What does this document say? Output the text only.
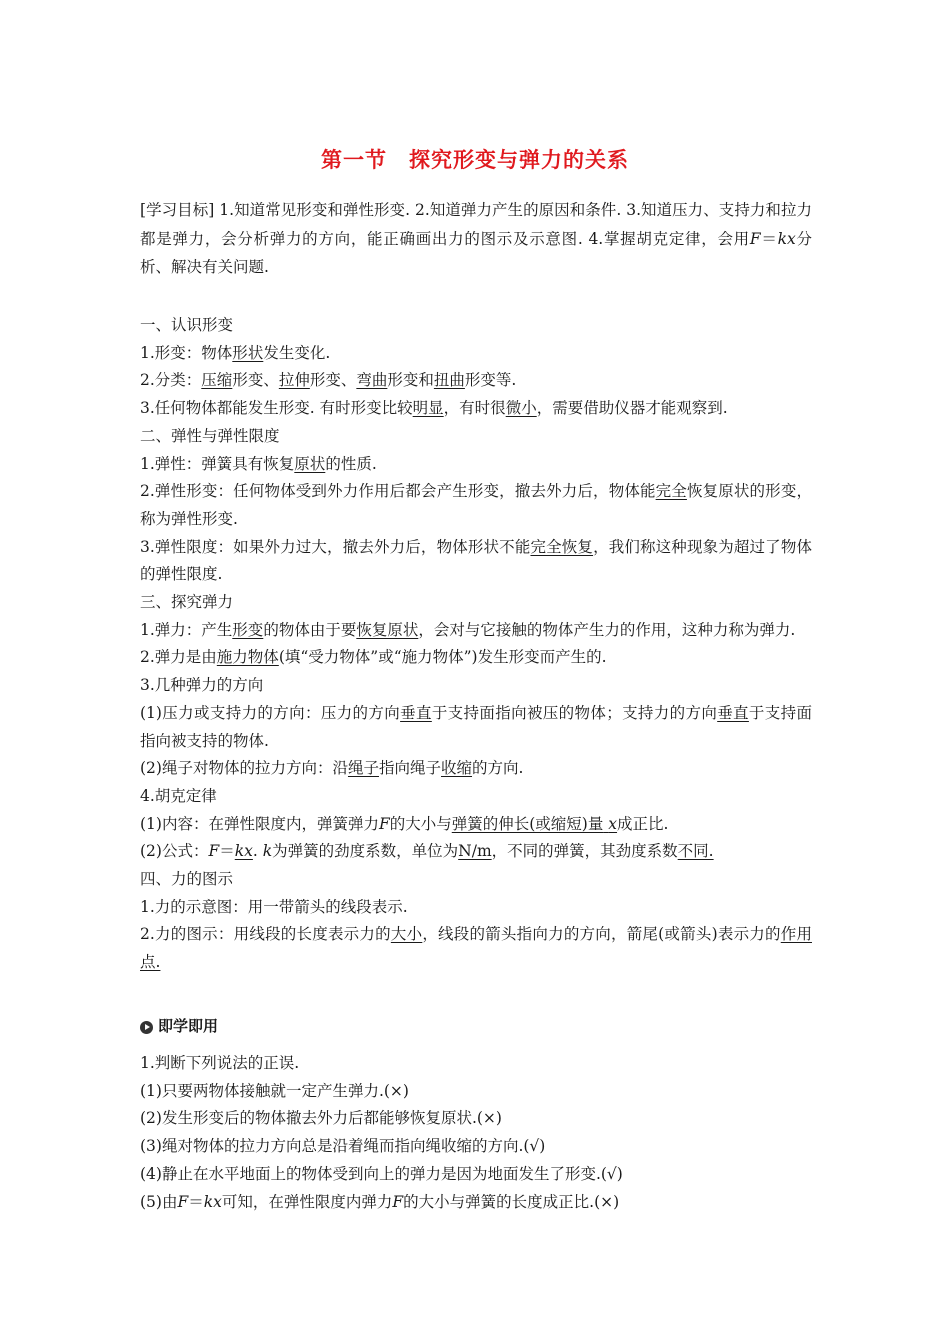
第一节　探究形变与弹力的关系
[学习目标] 1.知道常见形变和弹性形变. 2.知道弹力产生的原因和条件. 3.知道压力、支持力和拉力都是弹力，会分析弹力的方向，能正确画出力的图示及示意图. 4.掌握胡克定律，会用F＝kx分析、解决有关问题.
一、认识形变
1.形变：物体形状发生变化.
2.分类：压缩形变、拉伸形变、弯曲形变和扭曲形变等.
3.任何物体都能发生形变. 有时形变比较明显，有时很微小，需要借助仪器才能观察到.
二、弹性与弹性限度
1.弹性：弹簧具有恢复原状的性质.
2.弹性形变：任何物体受到外力作用后都会产生形变，撤去外力后，物体能完全恢复原状的形变，称为弹性形变.
3.弹性限度：如果外力过大，撤去外力后，物体形状不能完全恢复，我们称这种现象为超过了物体的弹性限度.
三、探究弹力
1.弹力：产生形变的物体由于要恢复原状，会对与它接触的物体产生力的作用，这种力称为弹力.
2.弹力是由施力物体(填“受力物体”或“施力物体”)发生形变而产生的.
3.几种弹力的方向
(1)压力或支持力的方向：压力的方向垂直于支持面指向被压的物体；支持力的方向垂直于支持面指向被支持的物体.
(2)绳子对物体的拉力方向：沿绳子指向绳子收缩的方向.
4.胡克定律
(1)内容：在弹性限度内，弹簧弹力F的大小与弹簧的伸长(或缩短)量 x成正比.
(2)公式：F＝kx. k为弹簧的劲度系数，单位为N/m，不同的弹簧，其劲度系数不同.
四、力的图示
1.力的示意图：用一带箭头的线段表示.
2.力的图示：用线段的长度表示力的大小，线段的箭头指向力的方向，箭尾(或箭头)表示力的作用点.
即学即用
1.判断下列说法的正误.
(1)只要两物体接触就一定产生弹力.(×)
(2)发生形变后的物体撤去外力后都能够恢复原状.(×)
(3)绳对物体的拉力方向总是沿着绳而指向绳收缩的方向.(√)
(4)静止在水平地面上的物体受到向上的弹力是因为地面发生了形变.(√)
(5)由F＝kx可知，在弹性限度内弹力F的大小与弹簧的长度成正比.(×)
